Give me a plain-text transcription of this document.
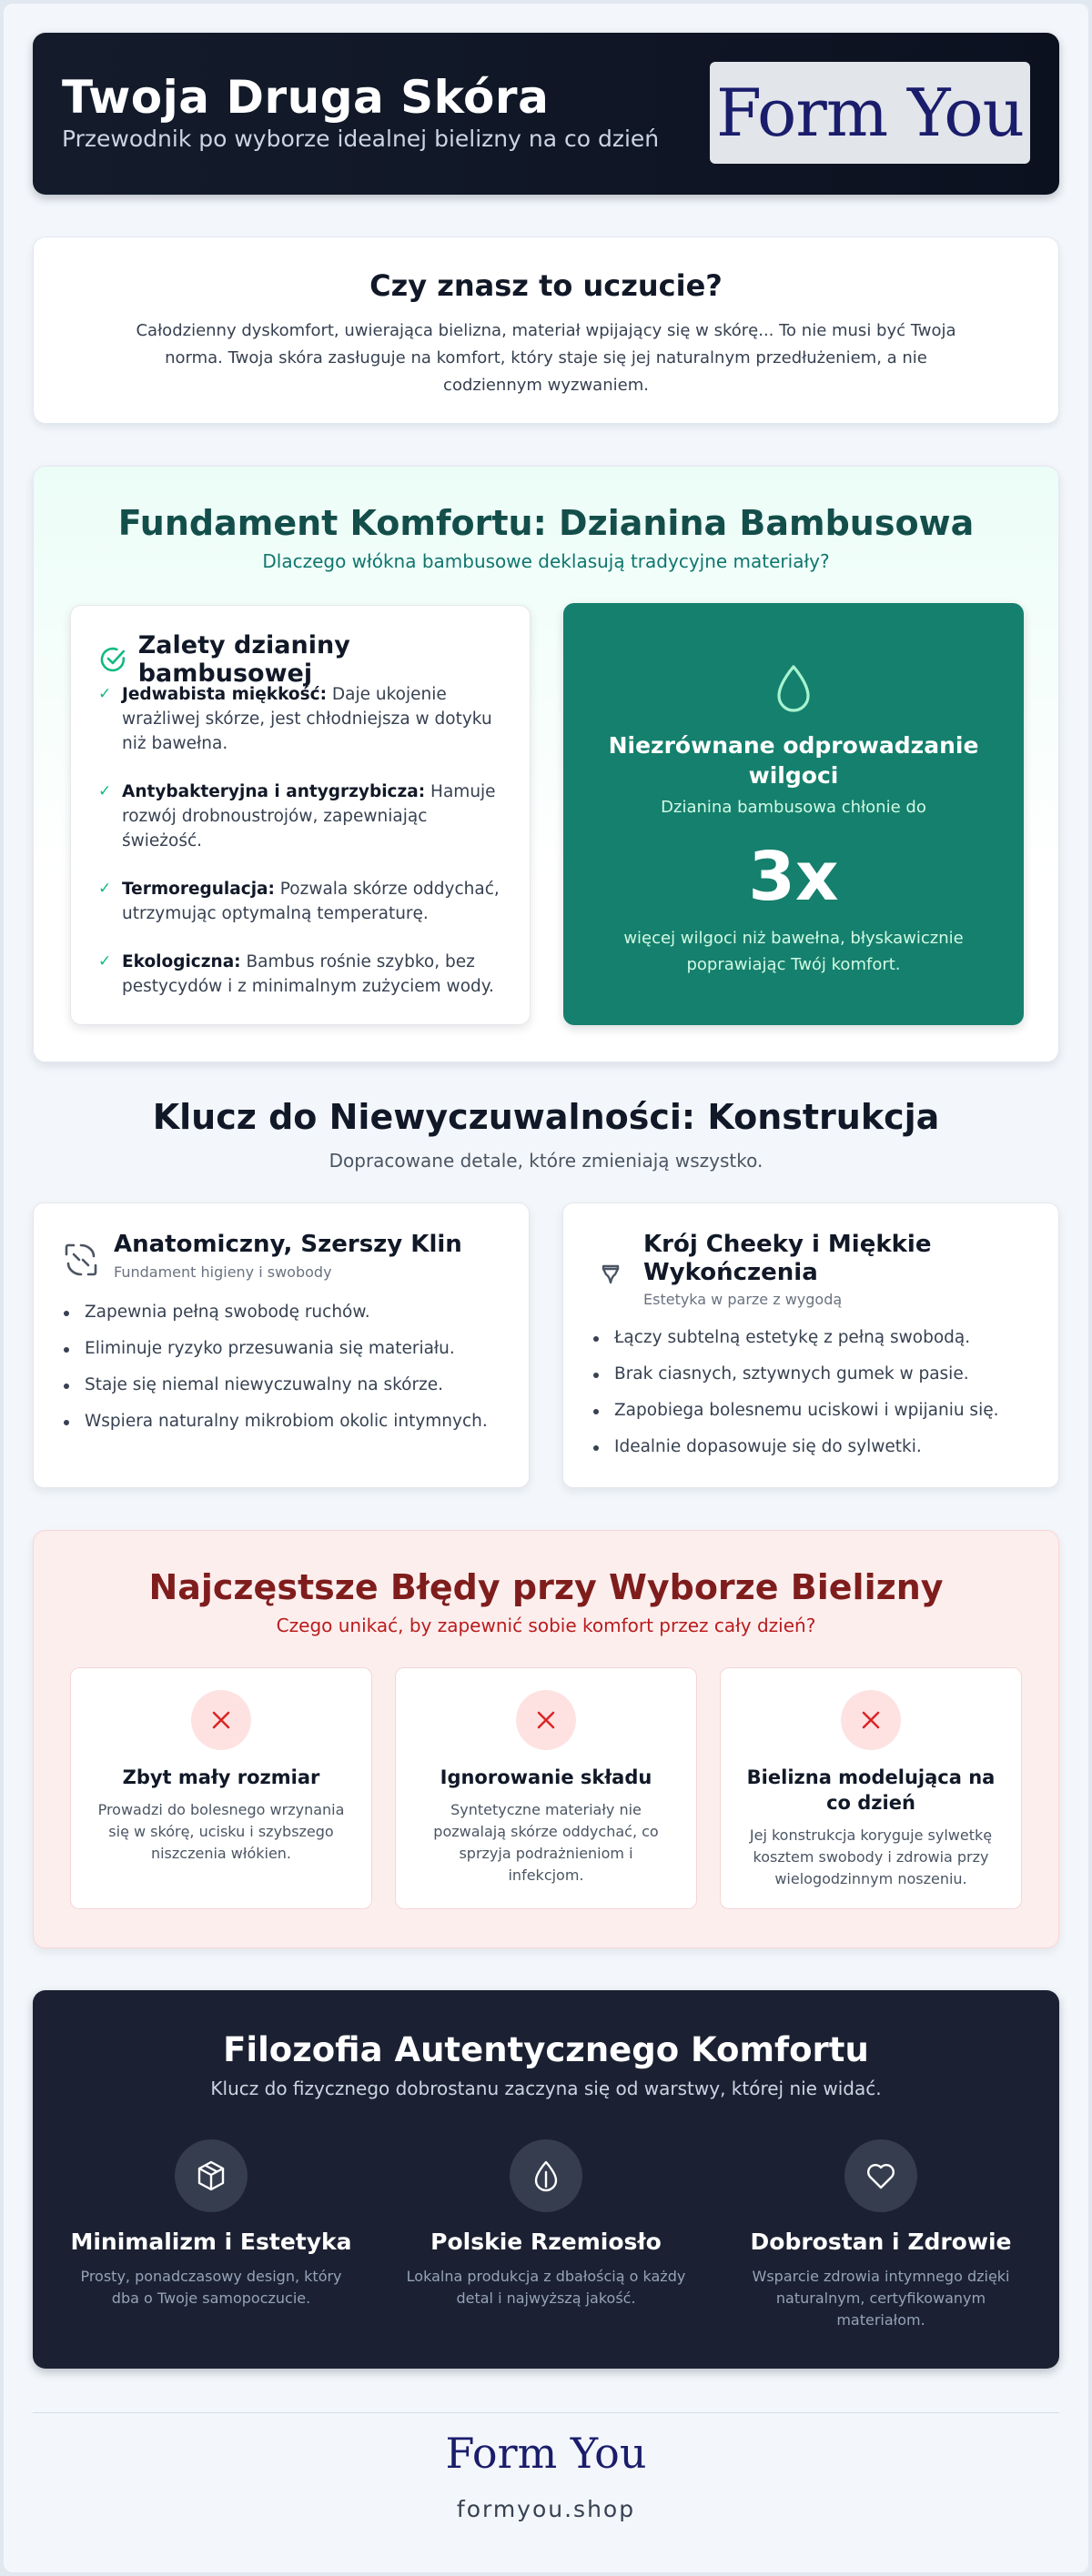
Twoja Druga Skóra
Przewodnik po wyborze idealnej bielizny na co dzień Form You
Czy znasz to uczucie?

Całodzienny dyskomfort, uwierająca bielizna, materiał wpijający się w skórę... To nie musi być Twoja norma. Twoja skóra zasługuje na komfort, który staje się jej naturalnym przedłużeniem, a nie codziennym wyzwaniem.

Fundament Komfortu: Dzianina Bambusowa
Dlaczego włókna bambusowe deklasują tradycyjne materiały?
Zalety dzianiny bambusowej
✓ Jedwabista miękkość: Daje ukojenie wrażliwej skórze, jest chłodniejsza w dotyku niż bawełna.
✓ Antybakteryjna i antygrzybicza: Hamuje rozwój drobnoustrojów, zapewniając świeżość.
✓ Termoregulacja: Pozwala skórze oddychać, utrzymując optymalną temperaturę.
✓ Ekologiczna: Bambus rośnie szybko, bez pestycydów i z minimalnym zużyciem wody.
Niezrównane odprowadzanie wilgoci
Dzianina bambusowa chłonie do
3x
więcej wilgoci niż bawełna, błyskawicznie poprawiając Twój komfort.
Klucz do Niewyczuwalności: Konstrukcja
Dopracowane detale, które zmieniają wszystko.
Anatomiczny, Szerszy Klin
Fundament higieny i swobody
Zapewnia pełną swobodę ruchów.
Eliminuje ryzyko przesuwania się materiału.
Staje się niemal niewyczuwalny na skórze.
Wspiera naturalny mikrobiom okolic intymnych.
Krój Cheeky i Miękkie Wykończenia
Estetyka w parze z wygodą
Łączy subtelną estetykę z pełną swobodą.
Brak ciasnych, sztywnych gumek w pasie.
Zapobiega bolesnemu uciskowi i wpijaniu się.
Idealnie dopasowuje się do sylwetki.
Najczęstsze Błędy przy Wyborze Bielizny
Czego unikać, by zapewnić sobie komfort przez cały dzień?
Zbyt mały rozmiar

Prowadzi do bolesnego wrzynania się w skórę, ucisku i szybszego niszczenia włókien.

Ignorowanie składu

Syntetyczne materiały nie pozwalają skórze oddychać, co sprzyja podrażnieniom i infekcjom.

Bielizna modelująca na co dzień

Jej konstrukcja koryguje sylwetkę kosztem swobody i zdrowia przy wielogodzinnym noszeniu.

Filozofia Autentycznego Komfortu
Klucz do fizycznego dobrostanu zaczyna się od warstwy, której nie widać.
Minimalizm i Estetyka

Prosty, ponadczasowy design, który dba o Twoje samopoczucie.

Polskie Rzemiosło

Lokalna produkcja z dbałością o każdy detal i najwyższą jakość.

Dobrostan i Zdrowie

Wsparcie zdrowia intymnego dzięki naturalnym, certyfikowanym materiałom.

Form You
formyou.shop
